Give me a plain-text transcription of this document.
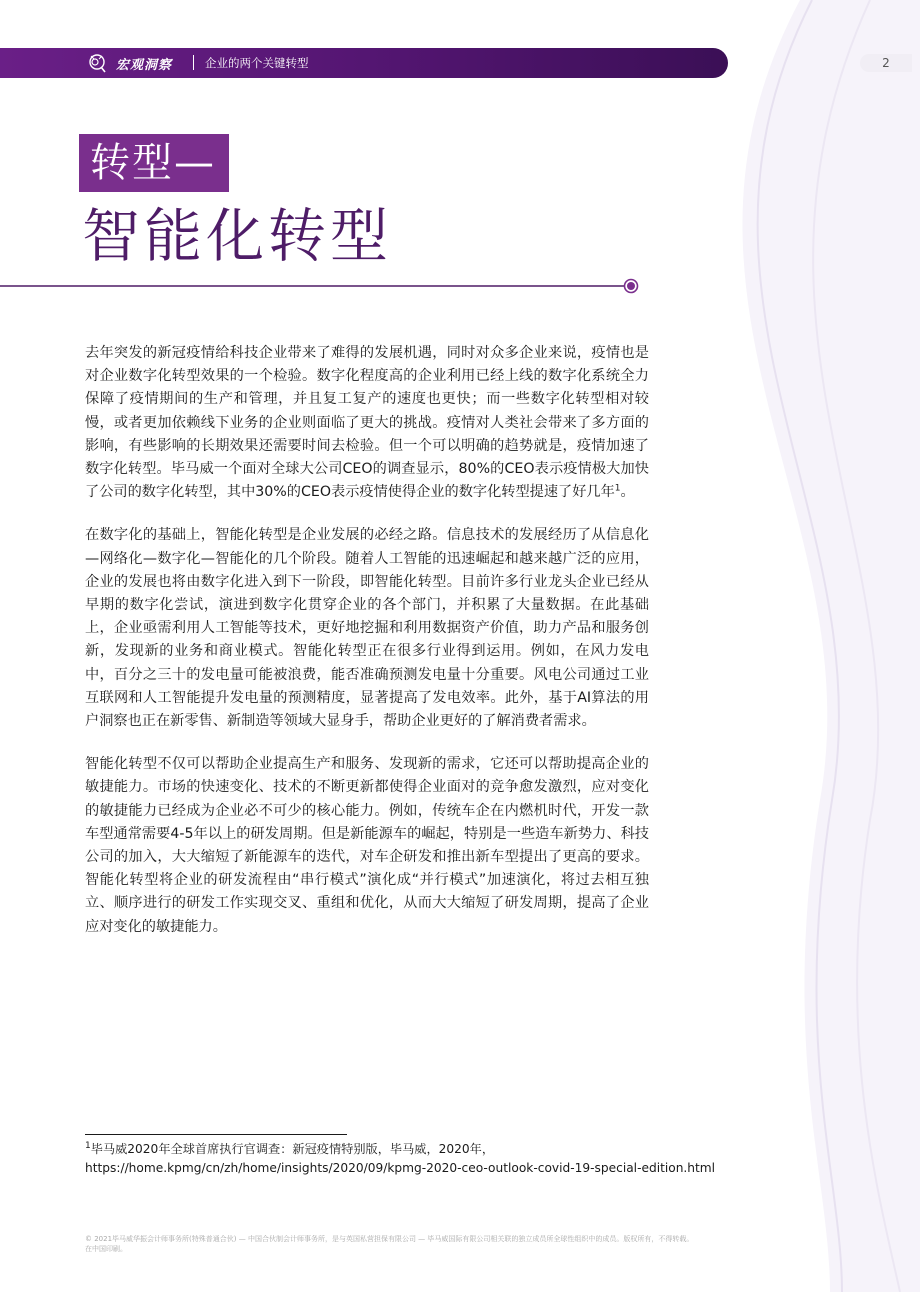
宏观洞察	企业的两个关键转型	2
转型—
智能化转型

去年突发的新冠疫情给科技企业带来了难得的发展机遇，同时对众多企业来说，疫情也是对企业数字化转型效果的一个检验。数字化程度高的企业利用已经上线的数字化系统全力保障了疫情期间的生产和管理，并且复工复产的速度也更快；而一些数字化转型相对较慢，或者更加依赖线下业务的企业则面临了更大的挑战。疫情对人类社会带来了多方面的影响，有些影响的长期效果还需要时间去检验。但一个可以明确的趋势就是，疫情加速了数字化转型。毕马威一个面对全球大公司CEO的调查显示，80%的CEO表示疫情极大加快了公司的数字化转型，其中30%的CEO表示疫情使得企业的数字化转型提速了好几年$^1$。

在数字化的基础上，智能化转型是企业发展的必经之路。信息技术的发展经历了从信息化—网络化—数字化—智能化的几个阶段。随着人工智能的迅速崛起和越来越广泛的应用，企业的发展也将由数字化进入到下一阶段，即智能化转型。目前许多行业龙头企业已经从早期的数字化尝试，演进到数字化贯穿企业的各个部门，并积累了大量数据。在此基础上，企业亟需利用人工智能等技术，更好地挖掘和利用数据资产价值，助力产品和服务创新，发现新的业务和商业模式。智能化转型正在很多行业得到运用。例如，在风力发电中，百分之三十的发电量可能被浪费，能否准确预测发电量十分重要。风电公司通过工业互联网和人工智能提升发电量的预测精度，显著提高了发电效率。此外，基于AI算法的用户洞察也正在新零售、新制造等领域大显身手，帮助企业更好的了解消费者需求。

智能化转型不仅可以帮助企业提高生产和服务、发现新的需求，它还可以帮助提高企业的敏捷能力。市场的快速变化、技术的不断更新都使得企业面对的竞争愈发激烈，应对变化的敏捷能力已经成为企业必不可少的核心能力。例如，传统车企在内燃机时代，开发一款车型通常需要4-5年以上的研发周期。但是新能源车的崛起，特别是一些造车新势力、科技公司的加入，大大缩短了新能源车的迭代，对车企研发和推出新车型提出了更高的要求。智能化转型将企业的研发流程由“串行模式”演化成“并行模式”加速演化，将过去相互独立、顺序进行的研发工作实现交叉、重组和优化，从而大大缩短了研发周期，提高了企业应对变化的敏捷能力。

$^1$毕马威2020年全球首席执行官调查：新冠疫情特别版，毕马威，2020年，
https://home.kpmg/cn/zh/home/insights/2020/09/kpmg-2020-ceo-outlook-covid-19-special-edition.html
© 2021毕马威华振会计师事务所(特殊普通合伙) — 中国合伙制会计师事务所，是与英国私营担保有限公司 — 毕马威国际有限公司相关联的独立成员所全球性组织中的成员。版权所有，不得转载。
在中国印刷。
